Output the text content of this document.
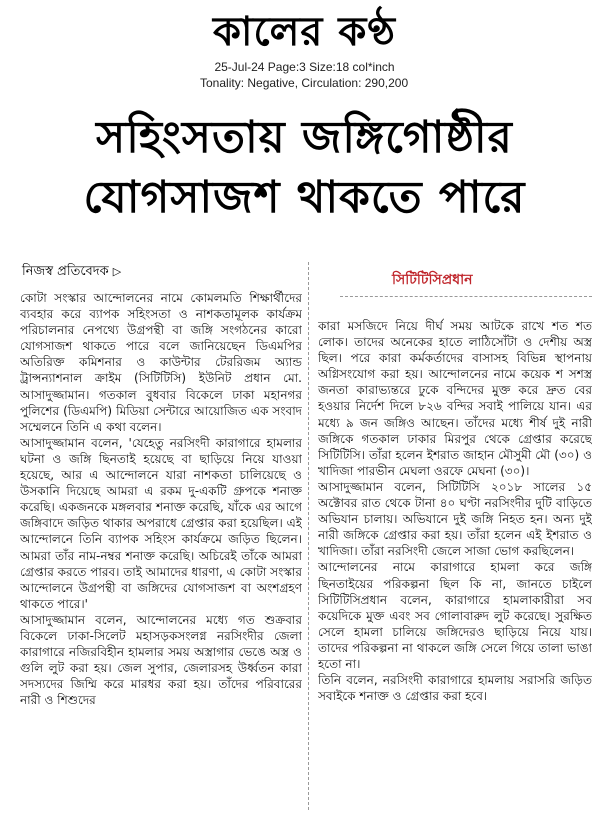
কালের কণ্ঠ
25-Jul-24 Page:3 Size:18 col*inch
Tonality: Negative, Circulation: 290,200
সহিংসতায় জঙ্গিগোষ্ঠীর
যোগসাজশ থাকতে পারে
নিজস্ব প্রতিবেদক ▷
সিটিটিসিপ্রধান

কোটা সংস্কার আন্দোলনের নামে কোমলমতি শিক্ষার্থীদের ব্যবহার করে ব্যাপক সহিংসতা ও নাশকতামূলক কার্যক্রম পরিচালনার নেপথ্যে উগ্রপন্থী বা জঙ্গি সংগঠনের কারো যোগসাজশ থাকতে পারে বলে জানিয়েছেন ডিএমপির অতিরিক্ত কমিশনার ও কাউন্টার টেররিজম অ্যান্ড ট্রান্সন্যাশনাল ক্রাইম (সিটিটিসি) ইউনিট প্রধান মো. আসাদুজ্জামান। গতকাল বুধবার বিকেলে ঢাকা মহানগর পুলিশের (ডিএমপি) মিডিয়া সেন্টারে আয়োজিত এক সংবাদ সম্মেলনে তিনি এ কথা বলেন।

আসাদুজ্জামান বলেন, 'যেহেতু নরসিংদী কারাগারে হামলার ঘটনা ও জঙ্গি ছিনতাই হয়েছে বা ছাড়িয়ে নিয়ে যাওয়া হয়েছে, আর এ আন্দোলনে যারা নাশকতা চালিয়েছে ও উসকানি দিয়েছে আমরা এ রকম দু-একটি গ্রুপকে শনাক্ত করেছি। একজনকে মঙ্গলবার শনাক্ত করেছি, যাঁকে এর আগে জঙ্গিবাদে জড়িত থাকার অপরাধে গ্রেপ্তার করা হয়েছিল। এই আন্দোলনে তিনি ব্যাপক সহিংস কার্যক্রমে জড়িত ছিলেন। আমরা তাঁর নাম-নম্বর শনাক্ত করেছি। অচিরেই তাঁকে আমরা গ্রেপ্তার করতে পারব। তাই আমাদের ধারণা, এ কোটা সংস্কার আন্দোলনে উগ্রপন্থী বা জঙ্গিদের যোগসাজশ বা অংশগ্রহণ থাকতে পারে।'

আসাদুজ্জামান বলেন, আন্দোলনের মধ্যে গত শুক্রবার বিকেলে ঢাকা-সিলেট মহাসড়কসংলগ্ন নরসিংদীর জেলা কারাগারে নজিরবিহীন হামলার সময় অস্ত্রাগার ভেঙে অস্ত্র ও গুলি লুট করা হয়। জেল সুপার, জেলারসহ উর্ধ্বতন কারা সদস্যদের জিম্মি করে মারধর করা হয়। তাঁদের পরিবারের নারী ও শিশুদের

কারা মসজিদে নিয়ে দীর্ঘ সময় আটকে রাখে শত শত লোক। তাদের অনেকের হাতে লাঠিসোঁটা ও দেশীয় অস্ত্র ছিল। পরে কারা কর্মকর্তাদের বাসাসহ বিভিন্ন স্থাপনায় অগ্নিসংযোগ করা হয়। আন্দোলনের নামে কয়েক শ সশস্ত্র জনতা কারাভ্যন্তরে ঢুকে বন্দিদের মুক্ত করে দ্রুত বের হওয়ার নির্দেশ দিলে ৮২৬ বন্দির সবাই পালিয়ে যান। এর মধ্যে ৯ জন জঙ্গিও আছেন। তাঁদের মধ্যে শীর্ষ দুই নারী জঙ্গিকে গতকাল ঢাকার মিরপুর থেকে গ্রেপ্তার করেছে সিটিটিসি। তাঁরা হলেন ইশরাত জাহান মৌসুমী মৌ (৩০) ও খাদিজা পারভীন মেঘলা ওরফে মেঘনা (৩০)।

আসাদুজ্জামান বলেন, সিটিটিসি ২০১৮ সালের ১৫ অক্টোবর রাত থেকে টানা ৪০ ঘণ্টা নরসিংদীর দুটি বাড়িতে অভিযান চালায়। অভিযানে দুই জঙ্গি নিহত হন। অন্য দুই নারী জঙ্গিকে গ্রেপ্তার করা হয়। তাঁরা হলেন এই ইশরাত ও খাদিজা। তাঁরা নরসিংদী জেলে সাজা ভোগ করছিলেন।

আন্দোলনের নামে কারাগারে হামলা করে জঙ্গি ছিনতাইয়ের পরিকল্পনা ছিল কি না, জানতে চাইলে সিটিটিসিপ্রধান বলেন, কারাগারে হামলাকারীরা সব কয়েদিকে মুক্ত এবং সব গোলাবারুদ লুট করেছে। সুরক্ষিত সেলে হামলা চালিয়ে জঙ্গিদেরও ছাড়িয়ে নিয়ে যায়। তাদের পরিকল্পনা না থাকলে জঙ্গি সেলে গিয়ে তালা ভাঙা হতো না।

তিনি বলেন, নরসিংদী কারাগারে হামলায় সরাসরি জড়িত সবাইকে শনাক্ত ও গ্রেপ্তার করা হবে।
